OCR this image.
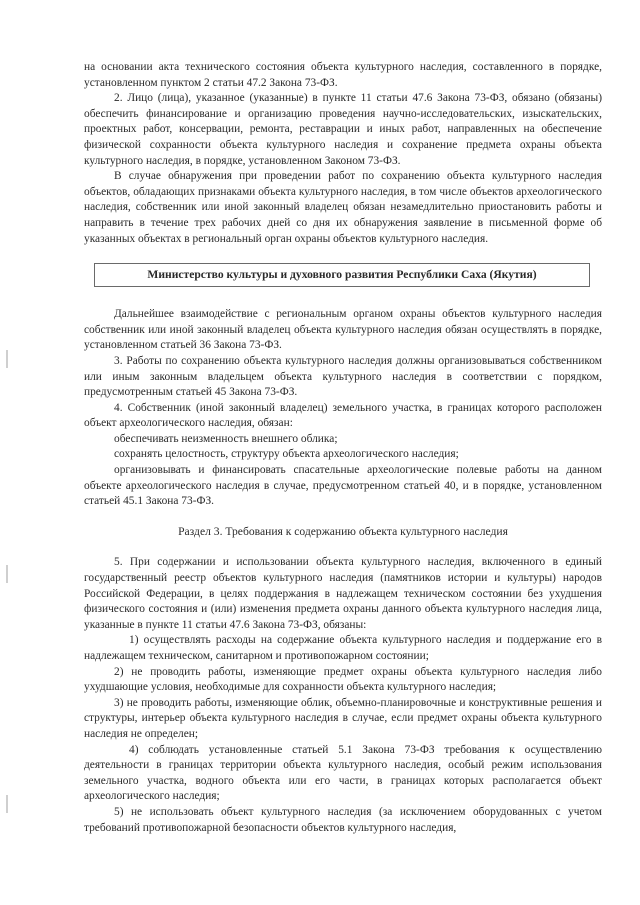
на основании акта технического состояния объекта культурного наследия, составленного в порядке, установленном пунктом 2 статьи 47.2 Закона 73-ФЗ.

2. Лицо (лица), указанное (указанные) в пункте 11 статьи 47.6 Закона 73-ФЗ, обязано (обязаны) обеспечить финансирование и организацию проведения научно-исследовательских, изыскательских, проектных работ, консервации, ремонта, реставрации и иных работ, направленных на обеспечение физической сохранности объекта культурного наследия и сохранение предмета охраны объекта культурного наследия, в порядке, установленном Законом 73-ФЗ.

В случае обнаружения при проведении работ по сохранению объекта культурного наследия объектов, обладающих признаками объекта культурного наследия, в том числе объектов археологического наследия, собственник или иной законный владелец обязан незамедлительно приостановить работы и направить в течение трех рабочих дней со дня их обнаружения заявление в письменной форме об указанных объектах в региональный орган охраны объектов культурного наследия.

Министерство культуры и духовного развития Республики Саха (Якутия)

Дальнейшее взаимодействие с региональным органом охраны объектов культурного наследия собственник или иной законный владелец объекта культурного наследия обязан осуществлять в порядке, установленном статьей 36 Закона 73-ФЗ.

3. Работы по сохранению объекта культурного наследия должны организовываться собственником или иным законным владельцем объекта культурного наследия в соответствии с порядком, предусмотренным статьей 45 Закона 73-ФЗ.

4. Собственник (иной законный владелец) земельного участка, в границах которого расположен объект археологического наследия, обязан:

обеспечивать неизменность внешнего облика;

сохранять целостность, структуру объекта археологического наследия;

организовывать и финансировать спасательные археологические полевые работы на данном объекте археологического наследия в случае, предусмотренном статьей 40, и в порядке, установленном статьей 45.1 Закона 73-ФЗ.

Раздел 3. Требования к содержанию объекта культурного наследия

5. При содержании и использовании объекта культурного наследия, включенного в единый государственный реестр объектов культурного наследия (памятников истории и культуры) народов Российской Федерации, в целях поддержания в надлежащем техническом состоянии без ухудшения физического состояния и (или) изменения предмета охраны данного объекта культурного наследия лица, указанные в пункте 11 статьи 47.6 Закона 73-ФЗ, обязаны:

1) осуществлять расходы на содержание объекта культурного наследия и поддержание его в надлежащем техническом, санитарном и противопожарном состоянии;

2) не проводить работы, изменяющие предмет охраны объекта культурного наследия либо ухудшающие условия, необходимые для сохранности объекта культурного наследия;

3) не проводить работы, изменяющие облик, объемно-планировочные и конструктивные решения и структуры, интерьер объекта культурного наследия в случае, если предмет охраны объекта культурного наследия не определен;

4) соблюдать установленные статьей 5.1 Закона 73-ФЗ требования к осуществлению деятельности в границах территории объекта культурного наследия, особый режим использования земельного участка, водного объекта или его части, в границах которых располагается объект археологического наследия;

5) не использовать объект культурного наследия (за исключением оборудованных с учетом требований противопожарной безопасности объектов культурного наследия,
